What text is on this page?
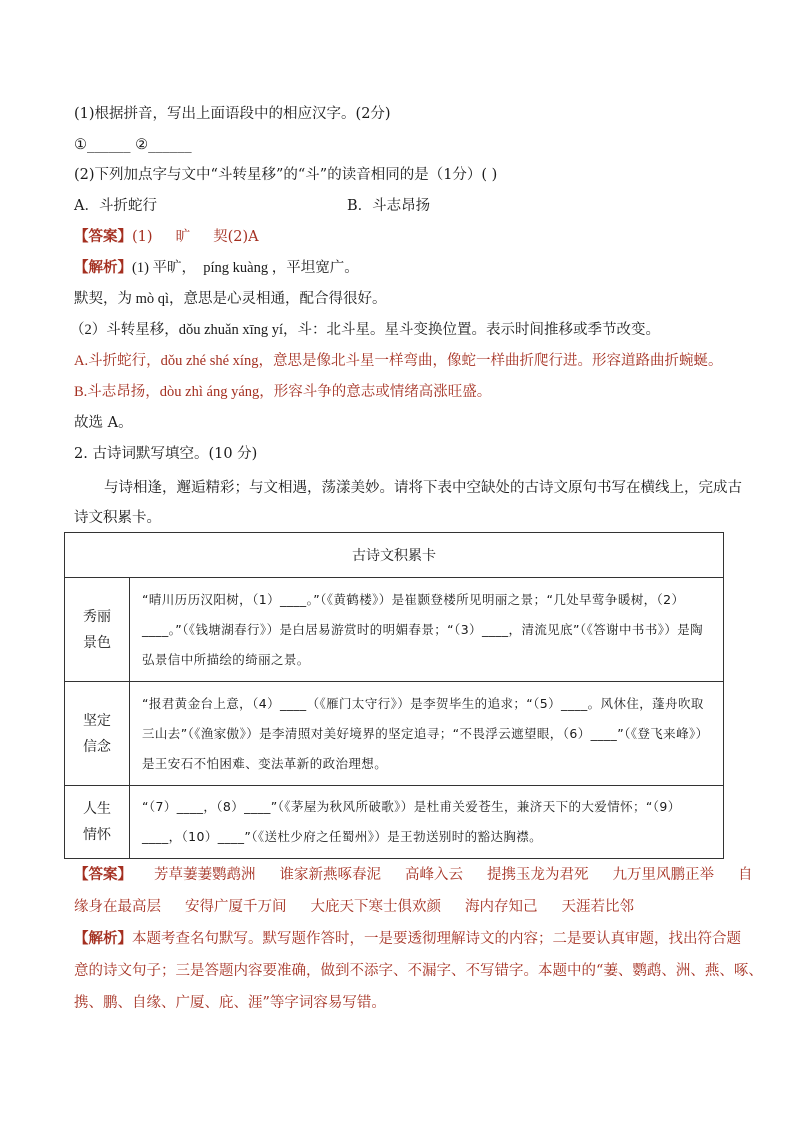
(1)根据拼音，写出上面语段中的相应汉字。(2分)
①______ ②______
(2)下列加点字与文中“斗转星移”的“斗”的读音相同的是（1分）( )
A．斗折蛇行	B．斗志昂扬
【答案】(1)     旷     契(2)A
【解析】(1) 平旷，  píng kuàng ，平坦宽广。
默契，为 mò qì，意思是心灵相通，配合得很好。
（2）斗转星移，dǒu zhuǎn xīng yí，斗：北斗星。星斗变换位置。表示时间推移或季节改变。
A.斗折蛇行，dǒu zhé shé xíng，意思是像北斗星一样弯曲，像蛇一样曲折爬行进。形容道路曲折蜿蜒。
B.斗志昂扬，dòu zhì áng yáng，形容斗争的意志或情绪高涨旺盛。
故选 A。
2. 古诗词默写填空。(10 分)
与诗相逢，邂逅精彩；与文相遇，荡漾美妙。请将下表中空缺处的古诗文原句书写在横线上，完成古
诗文积累卡。
古诗文积累卡	

秀丽
景色	“晴川历历汉阳树，（1）____。”（《黄鹤楼》）是崔颢登楼所见明丽之景；“几处早莺争暖树，（2）____。”（《钱塘湖春行》）是白居易游赏时的明媚春景；“（3）____，清流见底”（《答谢中书书》）是陶弘景信中所描绘的绮丽之景。

坚定
信念	“报君黄金台上意，（4）____（《雁门太守行》）是李贺毕生的追求；“（5）____。风休住，蓬舟吹取三山去”（《渔家傲》）是李清照对美好境界的坚定追寻；“不畏浮云遮望眼，（6）____”（《登飞来峰》）是王安石不怕困难、变法革新的政治理想。

人生
情怀	“（7）____，（8）____”（《茅屋为秋风所破歌》）是杜甫关爱苍生，兼济天下的大爱情怀；“（9）____，（10）____”（《送杜少府之任蜀州》）是王勃送别时的豁达胸襟。
【答案】 芳草萋萋鹦鹉洲 谁家新燕啄春泥 高峰入云 提携玉龙为君死 九万里风鹏正举 自
缘身在最高层 安得广厦千万间 大庇天下寒士俱欢颜 海内存知己 天涯若比邻
【解析】本题考查名句默写。默写题作答时，一是要透彻理解诗文的内容；二是要认真审题，找出符合题
意的诗文句子；三是答题内容要准确，做到不添字、不漏字、不写错字。本题中的“萋、鹦鹉、洲、燕、啄、
携、鹏、自缘、广厦、庇、涯”等字词容易写错。
